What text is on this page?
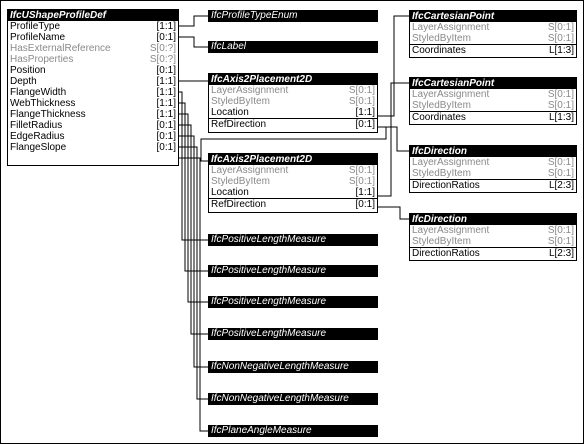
IfcUShapeProfileDef
ProfileType	[1:1]
ProfileName	[0:1]
HasExternalReference	S[0:?]
HasProperties	S[0:?]
Position	[0:1]
Depth	[1:1]
FlangeWidth	[1:1]
WebThickness	[1:1]
FlangeThickness	[1:1]
FilletRadius	[0:1]
EdgeRadius	[0:1]
FlangeSlope	[0:1]
IfcProfileTypeEnum
IfcLabel
IfcPositiveLengthMeasure
IfcPositiveLengthMeasure
IfcPositiveLengthMeasure
IfcPositiveLengthMeasure
IfcNonNegativeLengthMeasure
IfcNonNegativeLengthMeasure
IfcPlaneAngleMeasure
IfcAxis2Placement2D
LayerAssignment	S[0:1]
StyledByItem	S[0:1]
Location	[1:1]
RefDirection	[0:1]
IfcAxis2Placement2D
LayerAssignment	S[0:1]
StyledByItem	S[0:1]
Location	[1:1]
RefDirection	[0:1]
IfcCartesianPoint
LayerAssignment	S[0:1]
StyledByItem	S[0:1]
Coordinates	L[1:3]
IfcCartesianPoint
LayerAssignment	S[0:1]
StyledByItem	S[0:1]
Coordinates	L[1:3]
IfcDirection
LayerAssignment	S[0:1]
StyledByItem	S[0:1]
DirectionRatios	L[2:3]
IfcDirection
LayerAssignment	S[0:1]
StyledByItem	S[0:1]
DirectionRatios	L[2:3]
